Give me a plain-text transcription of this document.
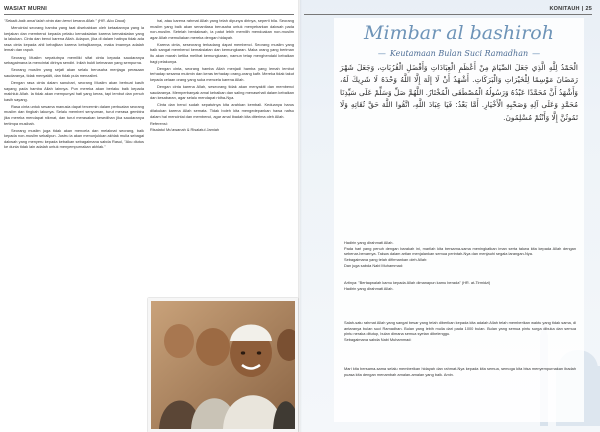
WASIAT MURNI

"Sebaik-baik amal ialah cinta dan benci kerana Allah." (HR. Abu Daud)

Mencintai seorang hamba yang taat disebabkan oleh ketaatannya yang la kerjakan dan membenci kepada pelaku kemaksiatan karena kemaksiatan yang ia lakukan. Cinta dan benci karena Allah. Adapun, jika di dalam hatinya tidak ada rasa cinta kepada ahli kebajikan karena kebajikannya, maka imannya adalah lemah dan rapuh.

Seorang Muslim sepatutnya memiliki sifat cinta kepada saudaranya sebagaimana ia mencintai dirinya sendiri. Inilah bukti keimanan yang sempurna.

Seorang muslim yang sejati akan selalu berusaha menjaga perasaan saudaranya, tidak menyakiti, dan tidak pula menzalimi.

Dengan rasa cinta dalam sanubari, seorang Muslim akan berbuat kasih sayang pada hamba Allah lainnya. Pun mereka akan berlaku baik kepada makhluk Allah. Ia tidak akan mempunyai hati yang keras, tapi lembut dan penuh kasih sayang.

Rasa cinta untuk sesama manusia dapat tercermin dalam perbuatan seorang muslim dan tingkah lakunya. Selalu memberi senyuman, turut merasa gembira jika mereka mendapat nikmat, dan turut merasakan kesedihan jika saudaranya tertimpa musibah.

Seorang muslim juga tidak akan mencela dan melaknat seorang, baik kepada non-muslim sekalipun. Justru ia akan menunjukkan akhlak mulia sebagai dakwah yang menyeru kepada kebaikan sebagaimana sabda Rasul, "Aku diutus ke dunia tidak lain adalah untuk menyempurnakan akhlak."

hal, atau karena rahmat Allah yang telah dipunya dirinya, seperti bila. Seorang muslim yang baik akan senantiasa berusaha untuk menyebarkan dakwah pada non-muslim. Setelah berdakwah, ia patut lebih memilih mendoakan non-muslim agar Allah memuliakan mereka dengan hidayah.

Karena cinta, seseorang terkadang dapat membenci. Seorang muslim yang baik sangat membenci kemaksiatan dan kemungkaran. Maka orang yang beriman itu akan marah ketika melihat kemungkaran, namun tetap menghendaki kebaikan bagi pelakunya.

Dengan cinta, seorang hamba Allah menjadi hamba yang lemah lembut terhadap sesama mukmin dan keras terhadap orang-orang kafir. Mereka tidak takut kepada celaan orang yang suka mencela karena Allah.

Dengan cinta karena Allah, seseorang tidak akan menyakiti dan membenci saudaranya. Memperbanyak amal kebaikan dan saling menasehati dalam kebaikan dan kesabaran, agar selalu mendapat ridha-Nya.

Cinta dan benci sudah sepatutnya kita arahkan kembali. Keduanya harus dilakukan karena Allah semata. Tidak boleh kita mengedepankan hawa nafsu dalam hal mencintai dan membenci, agar amal ibadah kita diterima oleh Allah.

Referensi:
Risalatul Mu'awanah & Risalatul Jamiah

KONITAUH | 25
Mimbar al bashiroh
— Keutamaan Bulan Suci Ramadhan —
الْحَمْدُ لِلَّهِ الَّذِي جَعَلَ الصِّيَامَ مِنْ أَعْظَمِ الْعِبَادَاتِ وَأَفْضَلِ الْقُرُبَاتِ، وَجَعَلَ شَهْرَ رَمَضَانَ مَوْسِمًا لِلْخَيْرَاتِ وَالْبَرَكَاتِ. أَشْهَدُ أَنْ لَا إِلَهَ إِلَّا اللَّهُ وَحْدَهُ لَا شَرِيكَ لَهُ، وَأَشْهَدُ أَنَّ مُحَمَّدًا عَبْدُهُ وَرَسُولُهُ الْمُصْطَفَى الْمُخْتَارُ. اللَّهُمَّ صَلِّ وَسَلِّمْ عَلَى سَيِّدِنَا مُحَمَّدٍ وَعَلَى آلِهِ وَصَحْبِهِ الْأَخْيَارِ. أَمَّا بَعْدُ: فَيَا عِبَادَ اللَّهِ، اتَّقُوا اللَّهَ حَقَّ تُقَاتِهِ وَلَا تَمُوتُنَّ إِلَّا وَأَنْتُمْ مُسْلِمُونَ.
Hadirin yang dirahmati Allah.
Pada hari yang penuh dengan barakah ini, marilah kita bersama-sama meningkatkan iman serta takwa kita kepada Allah dengan sebenar-benarnya. Takwa dalam artian menjalankan semua perintah-Nya dan menjauhi segala larangan-Nya.
Sebagaimana yang telah difirmankan oleh Allah:
Dan juga sabda Nabi Muhammad:
Artinya: "Bertaqwalah kamu kepada Allah dimanapun kamu berada" (HR. at-Tirmidzi)
Hadirin yang dirahmati Allah.
Salah-satu rahmat Allah yang sangat besar yang telah diberikan kepada kita adalah Allah telah memberikan waktu yang tidak sama, di antaranya bulan suci Ramadhan. Bulan yang lebih mulia dari pada 1000 bulan. Bulan yang semua pintu surga dibuka dan semua pintu neraka ditutup, bulan dimana semua syetan dibelenggu.
Sebagaimana sabda Nabi Muhammad:
Mari kita bersama-sama selalu memberikan hidayah dan rahmat-Nya kepada kita semua, semoga kita bisa menyempurnakan ibadah puasa kita dengan menambah amalan-amalan yang baik. Amin.
